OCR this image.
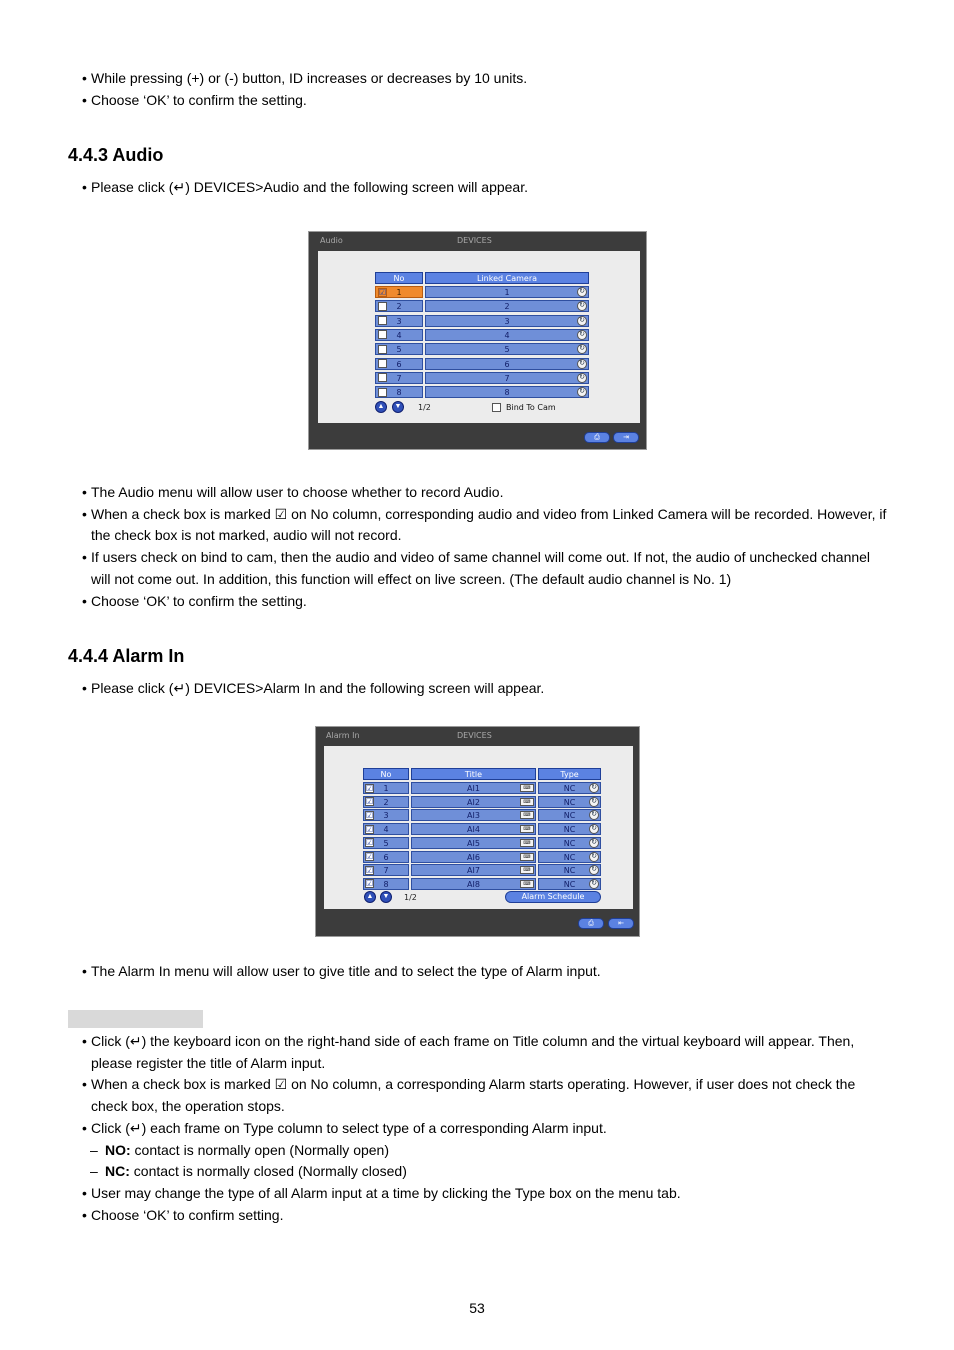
• While pressing (+) or (-) button, ID increases or decreases by 10 units.
• Choose ‘OK’ to confirm the setting.
4.4.3 Audio
• Please click (↵) DEVICES>Audio and the following screen will appear.
Audio	DEVICES
No	Linked Camera
1
☑	1	↻
2	2	↻
3	3	↻
4	4	↻
5	5	↻
6	6	↻
7	7	↻
8	8	↻
▲	▼	1/2	Bind To Cam
⎙	⇥
• The Audio menu will allow user to choose whether to record Audio.
• When a check box is marked ☑ on No column, corresponding audio and video from Linked Camera will be recorded. However, if the check box is not marked, audio will not record.
• If users check on bind to cam, then the audio and video of same channel will come out. If not, the audio of unchecked channel will not come out. In addition, this function will effect on live screen. (The default audio channel is No. 1)
• Choose ‘OK’ to confirm the setting.
4.4.4 Alarm In
• Please click (↵) DEVICES>Alarm In and the following screen will appear.
Alarm In	DEVICES
No	Title	Type
1
☑	AI1	⌨	NC	↻
2
☑	AI2	⌨	NC	↻
3
☑	AI3	⌨	NC	↻
4
☑	AI4	⌨	NC	↻
5
☑	AI5	⌨	NC	↻
6
☑	AI6	⌨	NC	↻
7
☑	AI7	⌨	NC	↻
8
☑	AI8	⌨	NC	↻
▲	▼	1/2	Alarm Schedule
⎙	⇤
• The Alarm In menu will allow user to give title and to select the type of Alarm input.
• Click (↵) the keyboard icon on the right-hand side of each frame on Title column and the virtual keyboard will appear. Then, please register the title of Alarm input.
• When a check box is marked ☑ on No column, a corresponding Alarm starts operating. However, if user does not check the check box, the operation stops.
• Click (↵) each frame on Type column to select type of a corresponding Alarm input.
– NO: contact is normally open (Normally open)
– NC: contact is normally closed (Normally closed)
• User may change the type of all Alarm input at a time by clicking the Type box on the menu tab.
• Choose ‘OK’ to confirm setting.
53
